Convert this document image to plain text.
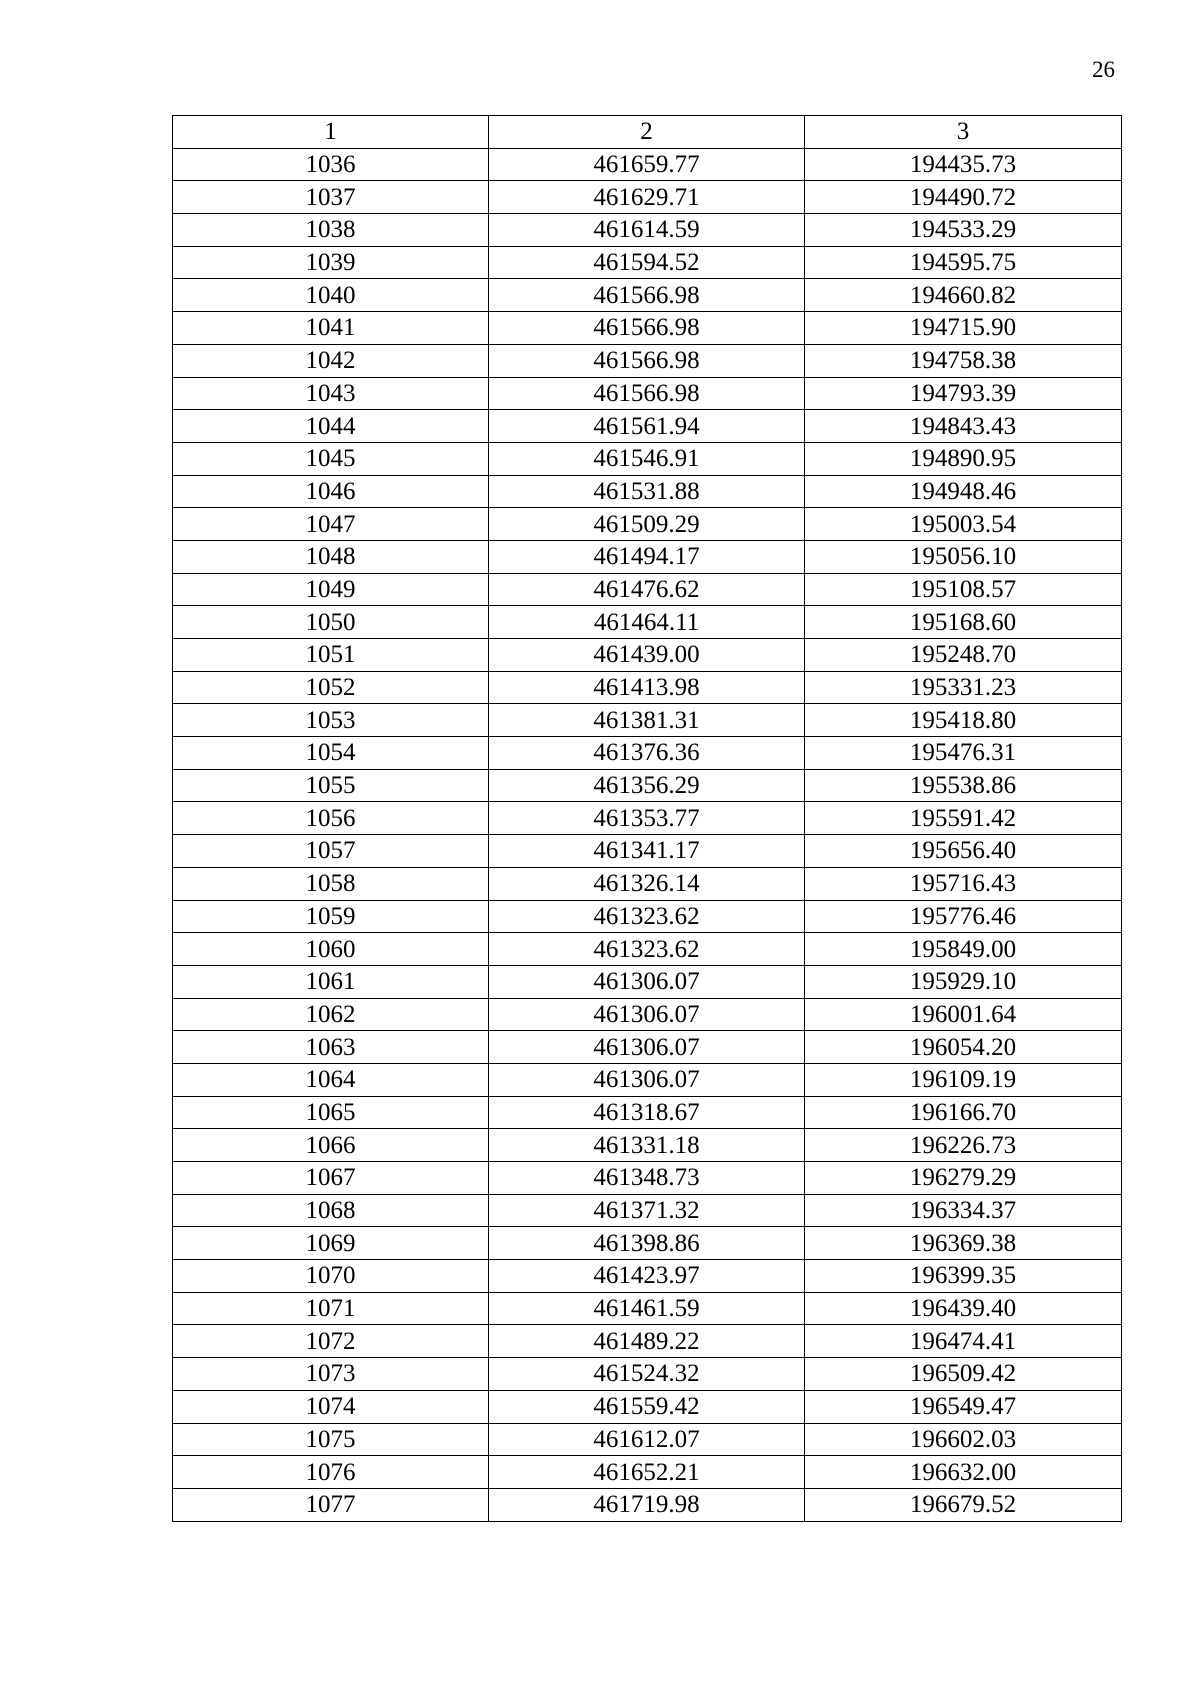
26
1	2	3
1036	461659.77	194435.73
1037	461629.71	194490.72
1038	461614.59	194533.29
1039	461594.52	194595.75
1040	461566.98	194660.82
1041	461566.98	194715.90
1042	461566.98	194758.38
1043	461566.98	194793.39
1044	461561.94	194843.43
1045	461546.91	194890.95
1046	461531.88	194948.46
1047	461509.29	195003.54
1048	461494.17	195056.10
1049	461476.62	195108.57
1050	461464.11	195168.60
1051	461439.00	195248.70
1052	461413.98	195331.23
1053	461381.31	195418.80
1054	461376.36	195476.31
1055	461356.29	195538.86
1056	461353.77	195591.42
1057	461341.17	195656.40
1058	461326.14	195716.43
1059	461323.62	195776.46
1060	461323.62	195849.00
1061	461306.07	195929.10
1062	461306.07	196001.64
1063	461306.07	196054.20
1064	461306.07	196109.19
1065	461318.67	196166.70
1066	461331.18	196226.73
1067	461348.73	196279.29
1068	461371.32	196334.37
1069	461398.86	196369.38
1070	461423.97	196399.35
1071	461461.59	196439.40
1072	461489.22	196474.41
1073	461524.32	196509.42
1074	461559.42	196549.47
1075	461612.07	196602.03
1076	461652.21	196632.00
1077	461719.98	196679.52
